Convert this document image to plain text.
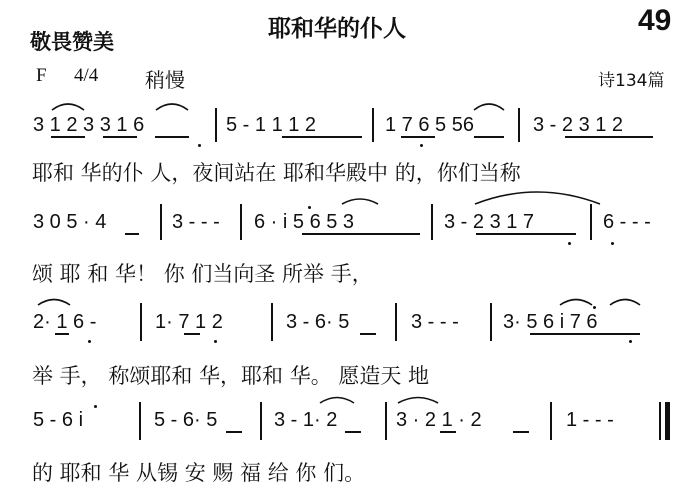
敬畏赞美	耶和华的仆人	49
F 4/4 稍慢	诗134篇
3 1 2 3 3 1 6	5 - 1 1 1 2	1 7 6 5 56	3 - 2 3 1 2
耶和 华的仆 人，夜间站在 耶和华殿中 的，你们当称
3 0 5 · 4	3 - - - 6 · i 5 6 5 3	3 - 2 3 1 7	6 - - -
颂 耶 和 华！ 你 们当向圣 所举 手，
2· 1 6 -	1· 7 1 2	3 - 6· 5	3 - - - 3· 5 6 i 7 6
举 手， 称颂耶和 华，耶和 华。 愿造天 地
5 - 6 i	5 - 6· 5	3 - 1· 2	3 · 2 1 · 2	1 - - -
的 耶和 华 从锡 安 赐 福 给 你 们。
